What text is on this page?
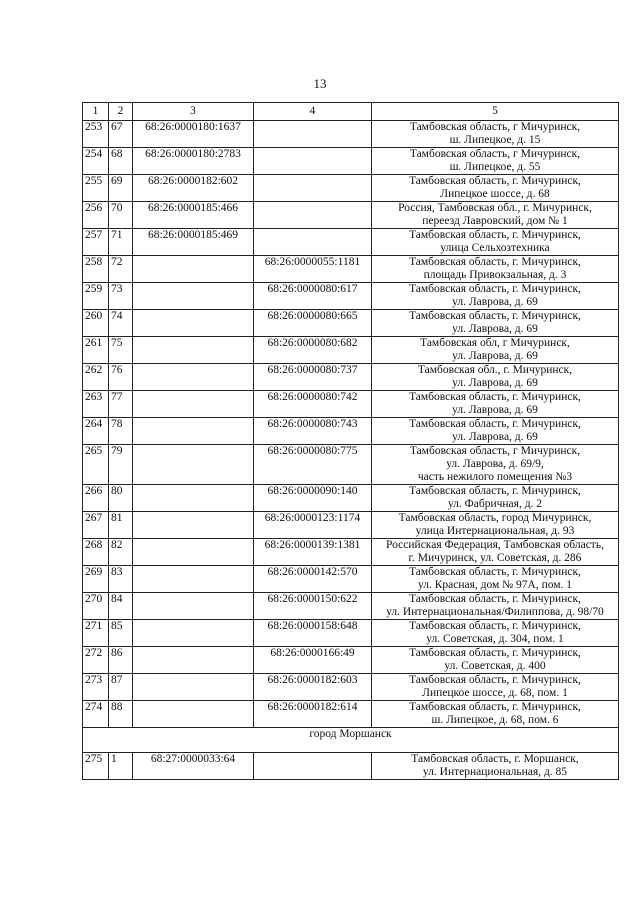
13
1	2	3	4	5
253	67	68:26:0000180:1637		Тамбовская область, г Мичуринск,
ш. Липецкое, д. 15

254	68	68:26:0000180:2783		Тамбовская область, г Мичуринск,
ш. Липецкое, д. 55

255	69	68:26:0000182:602		Тамбовская область, г. Мичуринск,
Липецкое шоссе, д. 68

256	70	68:26:0000185:466		Россия, Тамбовская обл., г. Мичуринск,
переезд Лавровский, дом № 1

257	71	68:26:0000185:469		Тамбовская область, г. Мичуринск,
улица Сельхозтехника

258	72		68:26:0000055:1181	Тамбовская область, г. Мичуринск,
площадь Привокзальная, д. 3

259	73		68:26:0000080:617	Тамбовская область, г. Мичуринск,
ул. Лаврова, д. 69

260	74		68:26:0000080:665	Тамбовская область, г. Мичуринск,
ул. Лаврова, д. 69

261	75		68:26:0000080:682	Тамбовская обл, г Мичуринск,
ул. Лаврова, д. 69

262	76		68:26:0000080:737	Тамбовская обл., г. Мичуринск,
ул. Лаврова, д. 69

263	77		68:26:0000080:742	Тамбовская область, г. Мичуринск,
ул. Лаврова, д. 69

264	78		68:26:0000080:743	Тамбовская область, г. Мичуринск,
ул. Лаврова, д. 69

265	79		68:26:0000080:775	Тамбовская область, г Мичуринск,
ул. Лаврова, д. 69/9,
часть нежилого помещения №3

266	80		68:26:0000090:140	Тамбовская область, г. Мичуринск,
ул. Фабричная, д. 2

267	81		68:26:0000123:1174	Тамбовская область, город Мичуринск,
улица Интернациональная, д. 93

268	82		68:26:0000139:1381	Российская Федерация, Тамбовская область,
г. Мичуринск, ул. Советская, д. 286

269	83		68:26:0000142:570	Тамбовская область, г. Мичуринск,
ул. Красная, дом № 97А, пом. 1

270	84		68:26:0000150:622	Тамбовская область, г. Мичуринск,
ул. Интернациональная/Филиппова, д. 98/70

271	85		68:26:0000158:648	Тамбовская область, г. Мичуринск,
ул. Советская, д. 304, пом. 1

272	86		68:26:0000166:49	Тамбовская область, г. Мичуринск,
ул. Советская, д. 400

273	87		68:26:0000182:603	Тамбовская область, г. Мичуринск,
Липецкое шоссе, д. 68, пом. 1

274	88		68:26:0000182:614	Тамбовская область, г. Мичуринск,
ш. Липецкое, д. 68, пом. 6

город Моршанск				
275	1	68:27:0000033:64		Тамбовская область, г. Моршанск,
ул. Интернациональная, д. 85
